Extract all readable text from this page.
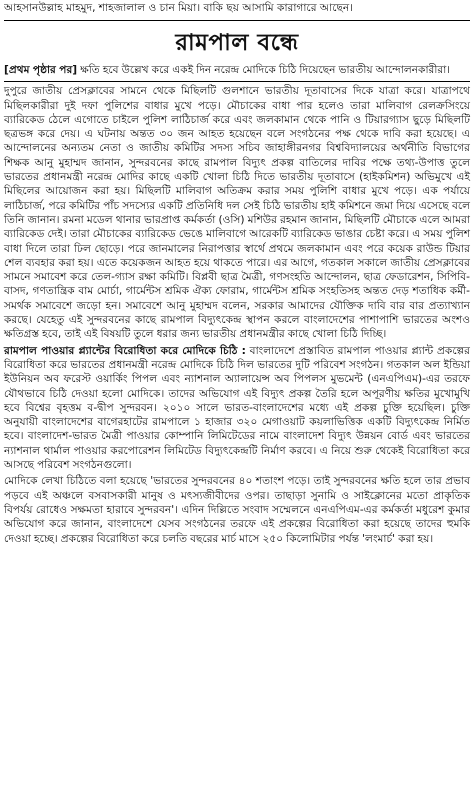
আহসানউল্লাহ মাহমুদ, শাহজালাল ও চান মিয়া। বাকি ছয় আসামি কারাগারে আছেন।
রামপাল বন্ধে

[প্রথম পৃষ্ঠার পর] ক্ষতি হবে উল্লেখ করে একই দিন নরেন্দ্র মোদিকে চিঠি দিয়েছেন ভারতীয় আন্দোলনকারীরা।

দুপুরে জাতীয় প্রেসক্লাবের সামনে থেকে মিছিলটি গুলশানে ভারতীয় দূতাবাসের দিকে যাত্রা করে। যাত্রাপথে মিছিলকারীরা দুই দফা পুলিশের বাধার মুখে পড়ে। মৌচাকের বাধা পার হলেও তারা মালিবাগ রেলক্রসিংয়ে ব্যারিকেড ঠেলে এগোতে চাইলে পুলিশ লাঠিচার্জ করে এবং জলকামান থেকে পানি ও টিয়ারগ্যাস ছুড়ে মিছিলটি ছত্রভঙ্গ করে দেয়। এ ঘটনায় অন্তত ৩০ জন আহত হয়েছেন বলে সংগঠনের পক্ষ থেকে দাবি করা হয়েছে। এ আন্দোলনের অন্যতম নেতা ও জাতীয় কমিটির সদস্য সচিব জাহাঙ্গীরনগর বিশ্ববিদ্যালয়ের অর্থনীতি বিভাগের শিক্ষক আনু মুহাম্মদ জানান, সুন্দরবনের কাছে রামপাল বিদ্যুৎ প্রকল্প বাতিলের দাবির পক্ষে তথ্য-উপাত্ত তুলে ভারতের প্রধানমন্ত্রী নরেন্দ্র মোদির কাছে একটি খোলা চিঠি দিতে ভারতীয় দূতাবাসে (হাইকমিশন) অভিমুখে এই মিছিলের আয়োজন করা হয়। মিছিলটি মালিবাগ অতিক্রম করার সময় পুলিশি বাধার মুখে পড়ে। এক পর্যায়ে লাঠিচার্জ, পরে কমিটির পাঁচ সদস্যের একটি প্রতিনিধি দল সেই চিঠি ভারতীয় হাই কমিশনে জমা দিয়ে এসেছে বলে তিনি জানান। রমনা মডেল থানার ভারপ্রাপ্ত কর্মকর্তা (ওসি) মশিউর রহমান জানান, মিছিলটি মৌচাকে এলে আমরা ব্যারিকেড দেই। তারা মৌচাকের ব্যারিকেড ভেঙে মালিবাগে আরেকটি ব্যারিকেড ভাঙার চেষ্টা করে। এ সময় পুলিশ বাধা দিলে তারা ঢিল ছোড়ে। পরে জানমালের নিরাপত্তার স্বার্থে প্রথমে জলকামান এবং পরে কয়েক রাউন্ড টিয়ার শেল ব্যবহার করা হয়। এতে কয়েকজন আহত হয়ে থাকতে পারে। এর আগে, গতকাল সকালে জাতীয় প্রেসক্লাবের সামনে সমাবেশ করে তেল-গ্যাস রক্ষা কমিটি। বিপ্লবী ছাত্র মৈত্রী, গণসংহতি আন্দোলন, ছাত্র ফেডারেশন, সিপিবি-বাসদ, গণতান্ত্রিক বাম মোর্চা, গার্মেন্টস শ্রমিক ঐক্য ফোরাম, গার্মেন্টস শ্রমিক সংহতিসহ অন্তত দেড় শতাধিক কর্মী-সমর্থক সমাবেশে জড়ো হন। সমাবেশে আনু মুহাম্মদ বলেন, সরকার আমাদের যৌক্তিক দাবি বার বার প্রত্যাখ্যান করছে। যেহেতু এই সুন্দরবনের কাছে রামপাল বিদ্যুৎকেন্দ্র স্থাপন করলে বাংলাদেশের পাশাপাশি ভারতের অংশও ক্ষতিগ্রস্ত হবে, তাই এই বিষয়টি তুলে ধরার জন্য ভারতীয় প্রধানমন্ত্রীর কাছে খোলা চিঠি দিচ্ছি।

রামপাল পাওয়ার প্ল্যান্টের বিরোধিতা করে মোদিকে চিঠি : বাংলাদেশে প্রস্তাবিত রামপাল পাওয়ার প্ল্যান্ট প্রকল্পের বিরোধিতা করে ভারতের প্রধানমন্ত্রী নরেন্দ্র মোদিকে চিঠি দিল ভারতের দুটি পরিবেশ সংগঠন। গতকাল অল ইন্ডিয়া ইউনিয়ন অব ফরেস্ট ওয়ার্কিং পিপল এবং ন্যাশনাল অ্যালায়েন্স অব পিপলস মুভমেন্ট (এনএপিএম)-এর তরফে যৌথভাবে চিঠি দেওয়া হলো মোদিকে। তাদের অভিযোগ এই বিদ্যুৎ প্রকল্প তৈরি হলে অপূরণীয় ক্ষতির মুখোমুখি হবে বিশ্বের বৃহত্তম ব-দ্বীপ সুন্দরবন। ২০১০ সালে ভারত-বাংলাদেশের মধ্যে এই প্রকল্প চুক্তি হয়েছিল। চুক্তি অনুযায়ী বাংলাদেশের বাগেরহাটের রামপালে ১ হাজার ৩২০ মেগাওয়াট কয়লাভিত্তিক একটি বিদ্যুৎকেন্দ্র নির্মিত হবে। বাংলাদেশ-ভারত মৈত্রী পাওয়ার কোম্পানি লিমিটেডের নামে বাংলাদেশ বিদ্যুৎ উন্নয়ন বোর্ড এবং ভারতের ন্যাশনাল থার্মাল পাওয়ার করপোরেশন লিমিটেড বিদ্যুৎকেন্দ্রটি নির্মাণ করবে। এ নিয়ে শুরু থেকেই বিরোধিতা করে আসছে পরিবেশ সংগঠনগুলো।

মোদিকে লেখা চিঠিতে বলা হয়েছে 'ভারতের সুন্দরবনের ৪০ শতাংশ পড়ে। তাই সুন্দরবনের ক্ষতি হলে তার প্রভাব পড়বে এই অঞ্চলে বসবাসকারী মানুষ ও মৎস্যজীবীদের ওপর। তাছাড়া সুনামি ও সাইক্লোনের মতো প্রাকৃতিক বিপর্যয় রোধেও সক্ষমতা হারাবে সুন্দরবন'। এদিন দিল্লিতে সংবাদ সম্মেলনে এনএপিএম-এর কর্মকর্তা মধুরেশ কুমার অভিযোগ করে জানান, বাংলাদেশে যেসব সংগঠনের তরফে এই প্রকল্পের বিরোধিতা করা হয়েছে তাদের হুমকি দেওয়া হচ্ছে। প্রকল্পের বিরোধিতা করে চলতি বছরের মার্চ মাসে ২৫০ কিলোমিটার পর্যন্ত 'লংমার্চ' করা হয়।
